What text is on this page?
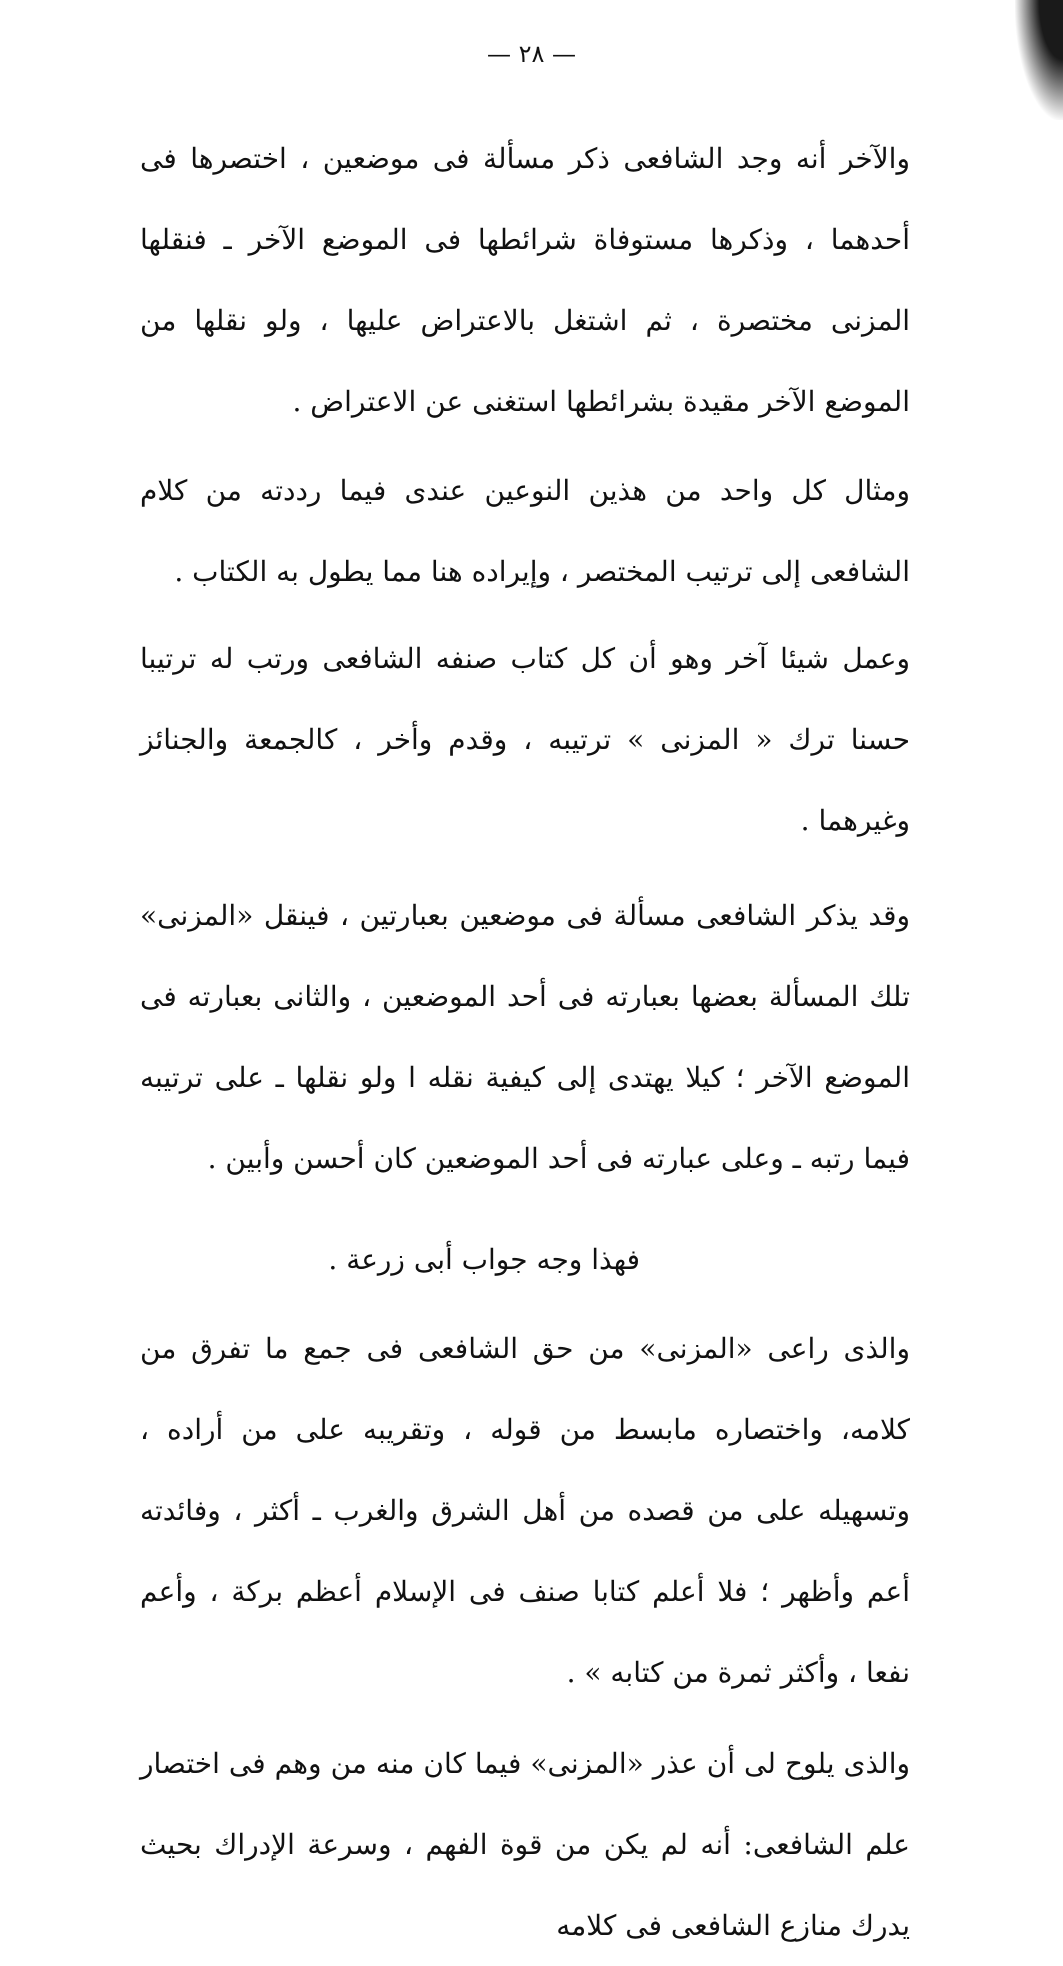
— ٢٨ —

والآخر أنه وجد الشافعى ذكر مسألة فى موضعين ، اختصرها فى أحدهما ، وذكرها مستوفاة شرائطها فى الموضع الآخر ـ فنقلها المزنى مختصرة ، ثم اشتغل بالاعتراض عليها ، ولو نقلها من الموضع الآخر مقيدة بشرائطها استغنى عن الاعتراض .

ومثال كل واحد من هذين النوعين عندى فيما رددته من كلام الشافعى إلى ترتيب المختصر ، وإيراده هنا مما يطول به الكتاب .

وعمل شيئا آخر وهو أن كل كتاب صنفه الشافعى ورتب له ترتيبا حسنا ترك « المزنى » ترتيبه ، وقدم وأخر ، كالجمعة والجنائز وغيرهما .

وقد يذكر الشافعى مسألة فى موضعين بعبارتين ، فينقل «المزنى» تلك المسألة بعضها بعبارته فى أحد الموضعين ، والثانى بعبارته فى الموضع الآخر ؛ كيلا يهتدى إلى كيفية نقله ا ولو نقلها ـ على ترتيبه فيما رتبه ـ وعلى عبارته فى أحد الموضعين كان أحسن وأبين .

فهذا وجه جواب أبى زرعة .

والذى راعى «المزنى» من حق الشافعى فى جمع ما تفرق من كلامه، واختصاره مابسط من قوله ، وتقريبه على من أراده ، وتسهيله على من قصده من أهل الشرق والغرب ـ أكثر ، وفائدته أعم وأظهر ؛ فلا أعلم كتابا صنف فى الإسلام أعظم بركة ، وأعم نفعا ، وأكثر ثمرة من كتابه » .

والذى يلوح لى أن عذر «المزنى» فيما كان منه من وهم فى اختصار علم الشافعى: أنه لم يكن من قوة الفهم ، وسرعة الإدراك بحيث يدرك منازع الشافعى فى كلامه
